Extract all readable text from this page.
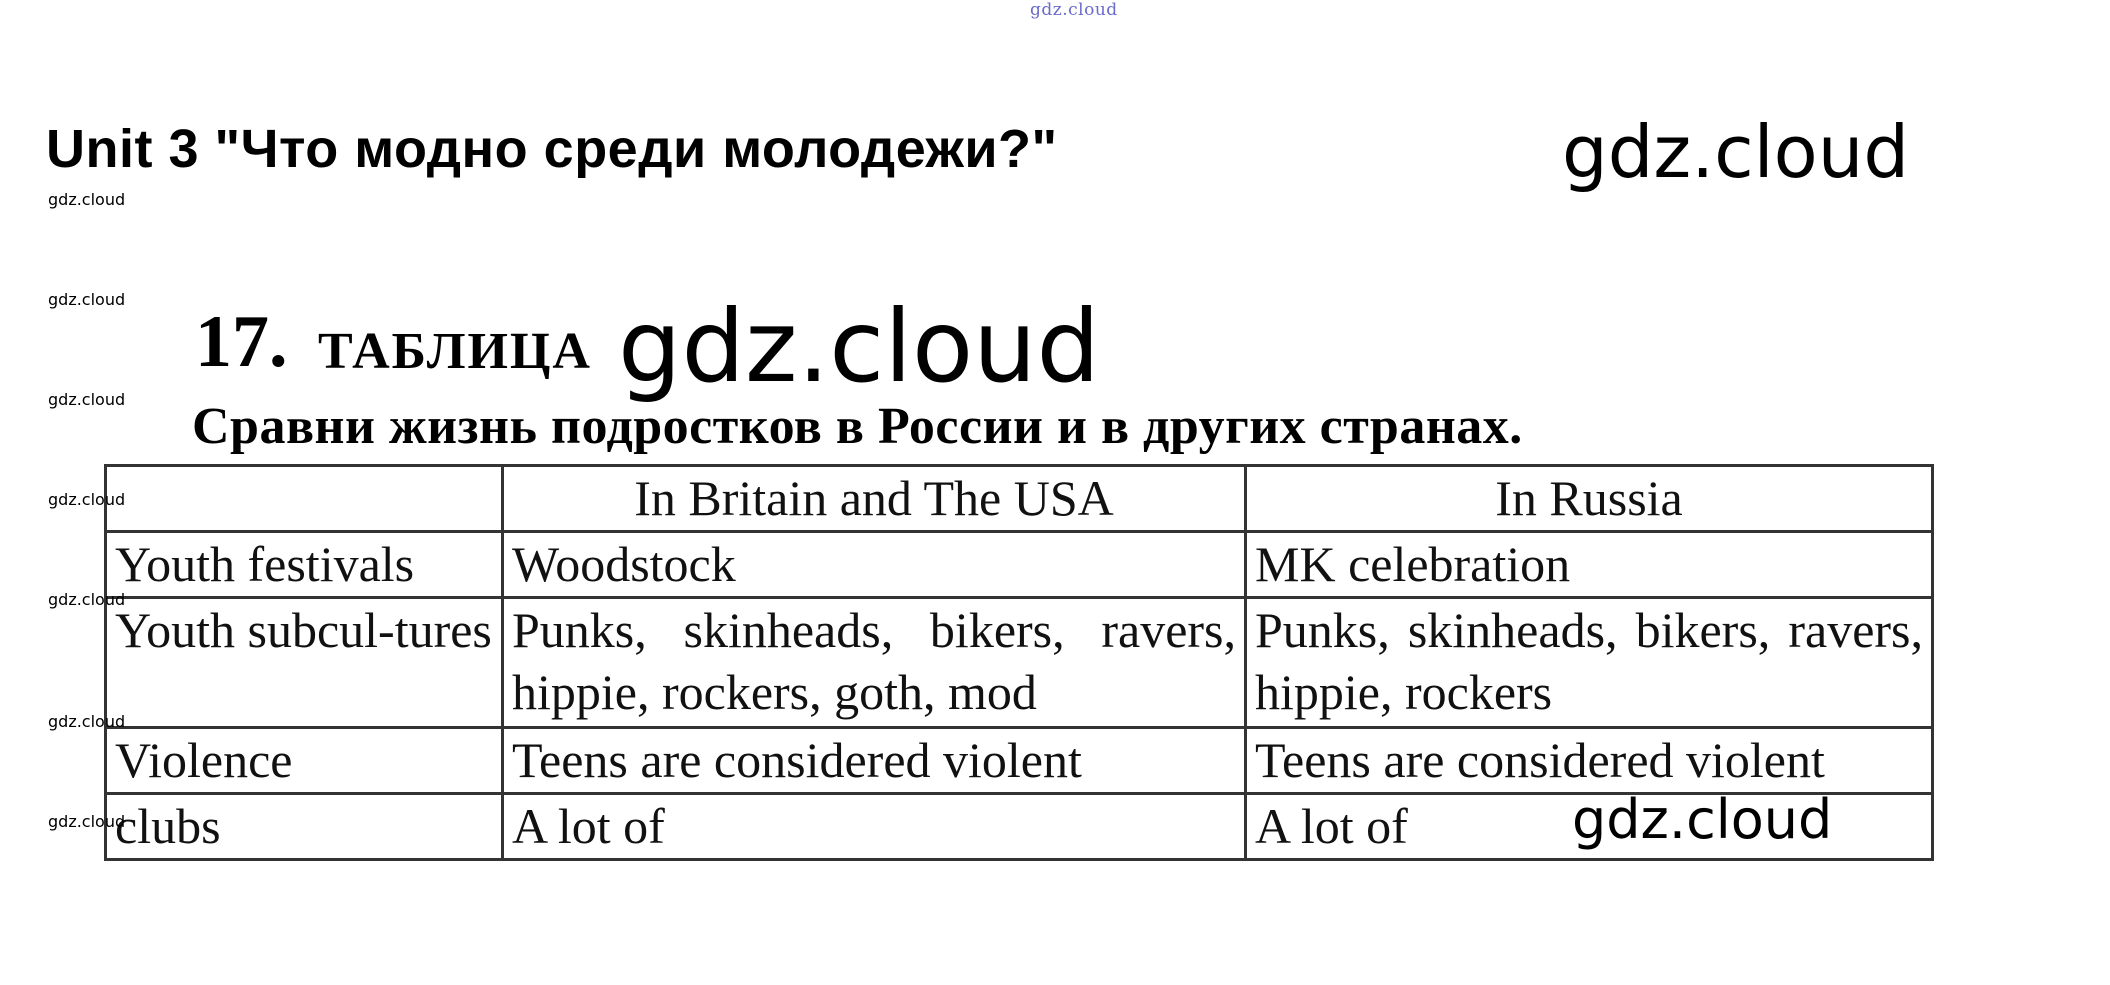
gdz.cloud
Unit 3 "Что модно среди молодежи?"	gdz.cloud
gdz.cloud
gdz.cloud
gdz.cloud
17. ТАБЛИЦА gdz.cloud
Сравни жизнь подростков в России и в других странах.
	In Britain and The USA	In Russia
Youth festivals	Woodstock	MK celebration
Youth subcul-tures	Punks, skinheads, bikers, ravers, hippie, rockers, goth, mod	Punks, skinheads, bikers, ravers, hippie, rockers
Violence	Teens are considered violent	Teens are considered violent
clubs	A lot of	A lot of
gdz.cloud
gdz.cloud
gdz.cloud
gdz.cloud	gdz.cloud
